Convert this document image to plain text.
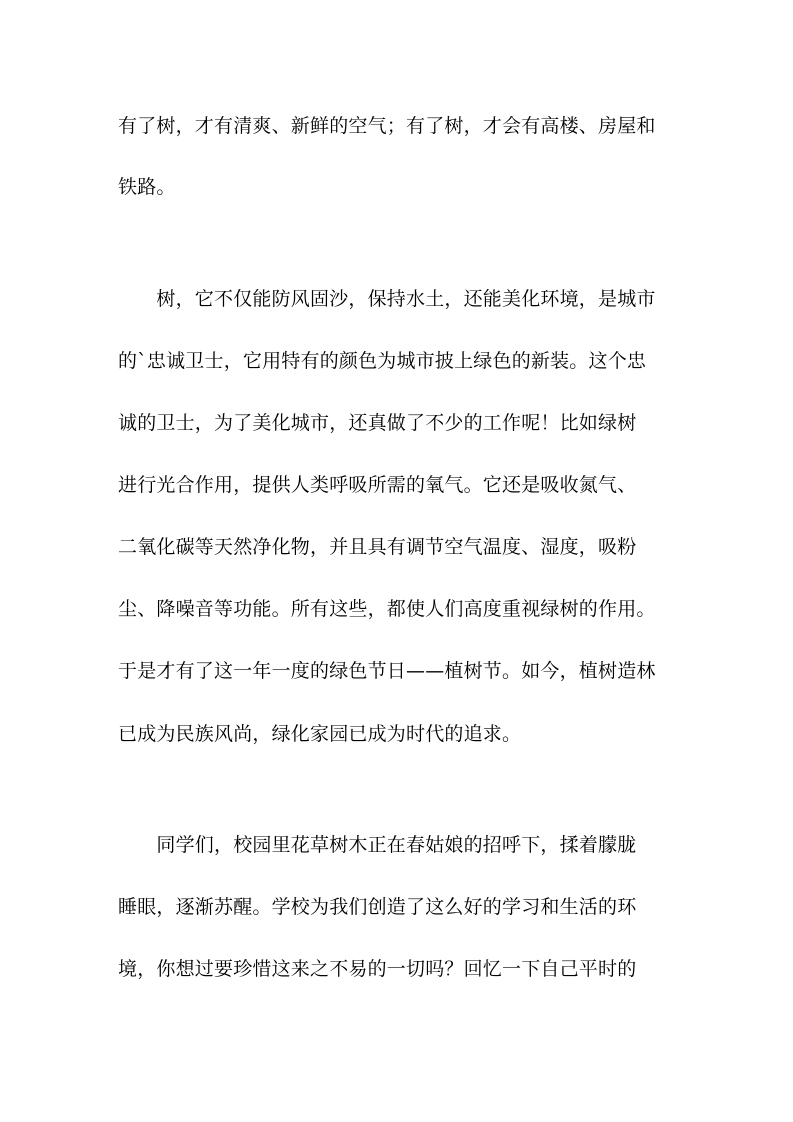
有了树，才有清爽、新鲜的空气；有了树，才会有高楼、房屋和
铁路。
　　树，它不仅能防风固沙，保持水土，还能美化环境，是城市
的`忠诚卫士，它用特有的颜色为城市披上绿色的新装。这个忠
诚的卫士，为了美化城市，还真做了不少的工作呢！比如绿树
进行光合作用，提供人类呼吸所需的氧气。它还是吸收氮气、
二氧化碳等天然净化物，并且具有调节空气温度、湿度，吸粉
尘、降噪音等功能。所有这些，都使人们高度重视绿树的作用。
于是才有了这一年一度的绿色节日——植树节。如今，植树造林
已成为民族风尚，绿化家园已成为时代的追求。
　　同学们，校园里花草树木正在春姑娘的招呼下，揉着朦胧
睡眼，逐渐苏醒。学校为我们创造了这么好的学习和生活的环
境，你想过要珍惜这来之不易的一切吗？回忆一下自己平时的
